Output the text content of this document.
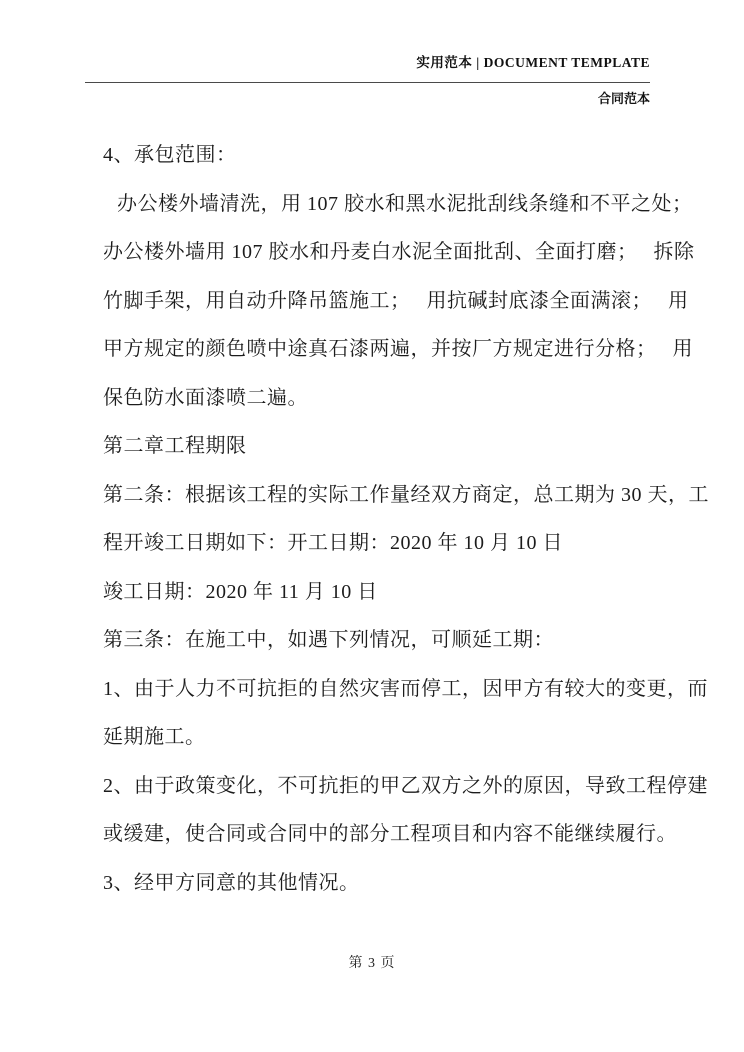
实用范本 | DOCUMENT TEMPLATE
合同范本
4、承包范围：
办公楼外墙清洗，用 107 胶水和黑水泥批刮线条缝和不平之处；
办公楼外墙用 107 胶水和丹麦白水泥全面批刮、全面打磨；　 拆除
竹脚手架，用自动升降吊篮施工；　 用抗碱封底漆全面满滚；　 用
甲方规定的颜色喷中途真石漆两遍，并按厂方规定进行分格；　 用
保色防水面漆喷二遍。
第二章工程期限
第二条：根据该工程的实际工作量经双方商定，总工期为 30 天，工
程开竣工日期如下：开工日期：2020 年 10 月 10 日
竣工日期：2020 年 11 月 10 日
第三条：在施工中，如遇下列情况，可顺延工期：
1、由于人力不可抗拒的自然灾害而停工，因甲方有较大的变更，而
延期施工。
2、由于政策变化，不可抗拒的甲乙双方之外的原因，导致工程停建
或缓建，使合同或合同中的部分工程项目和内容不能继续履行。
3、经甲方同意的其他情况。
第 3 页
